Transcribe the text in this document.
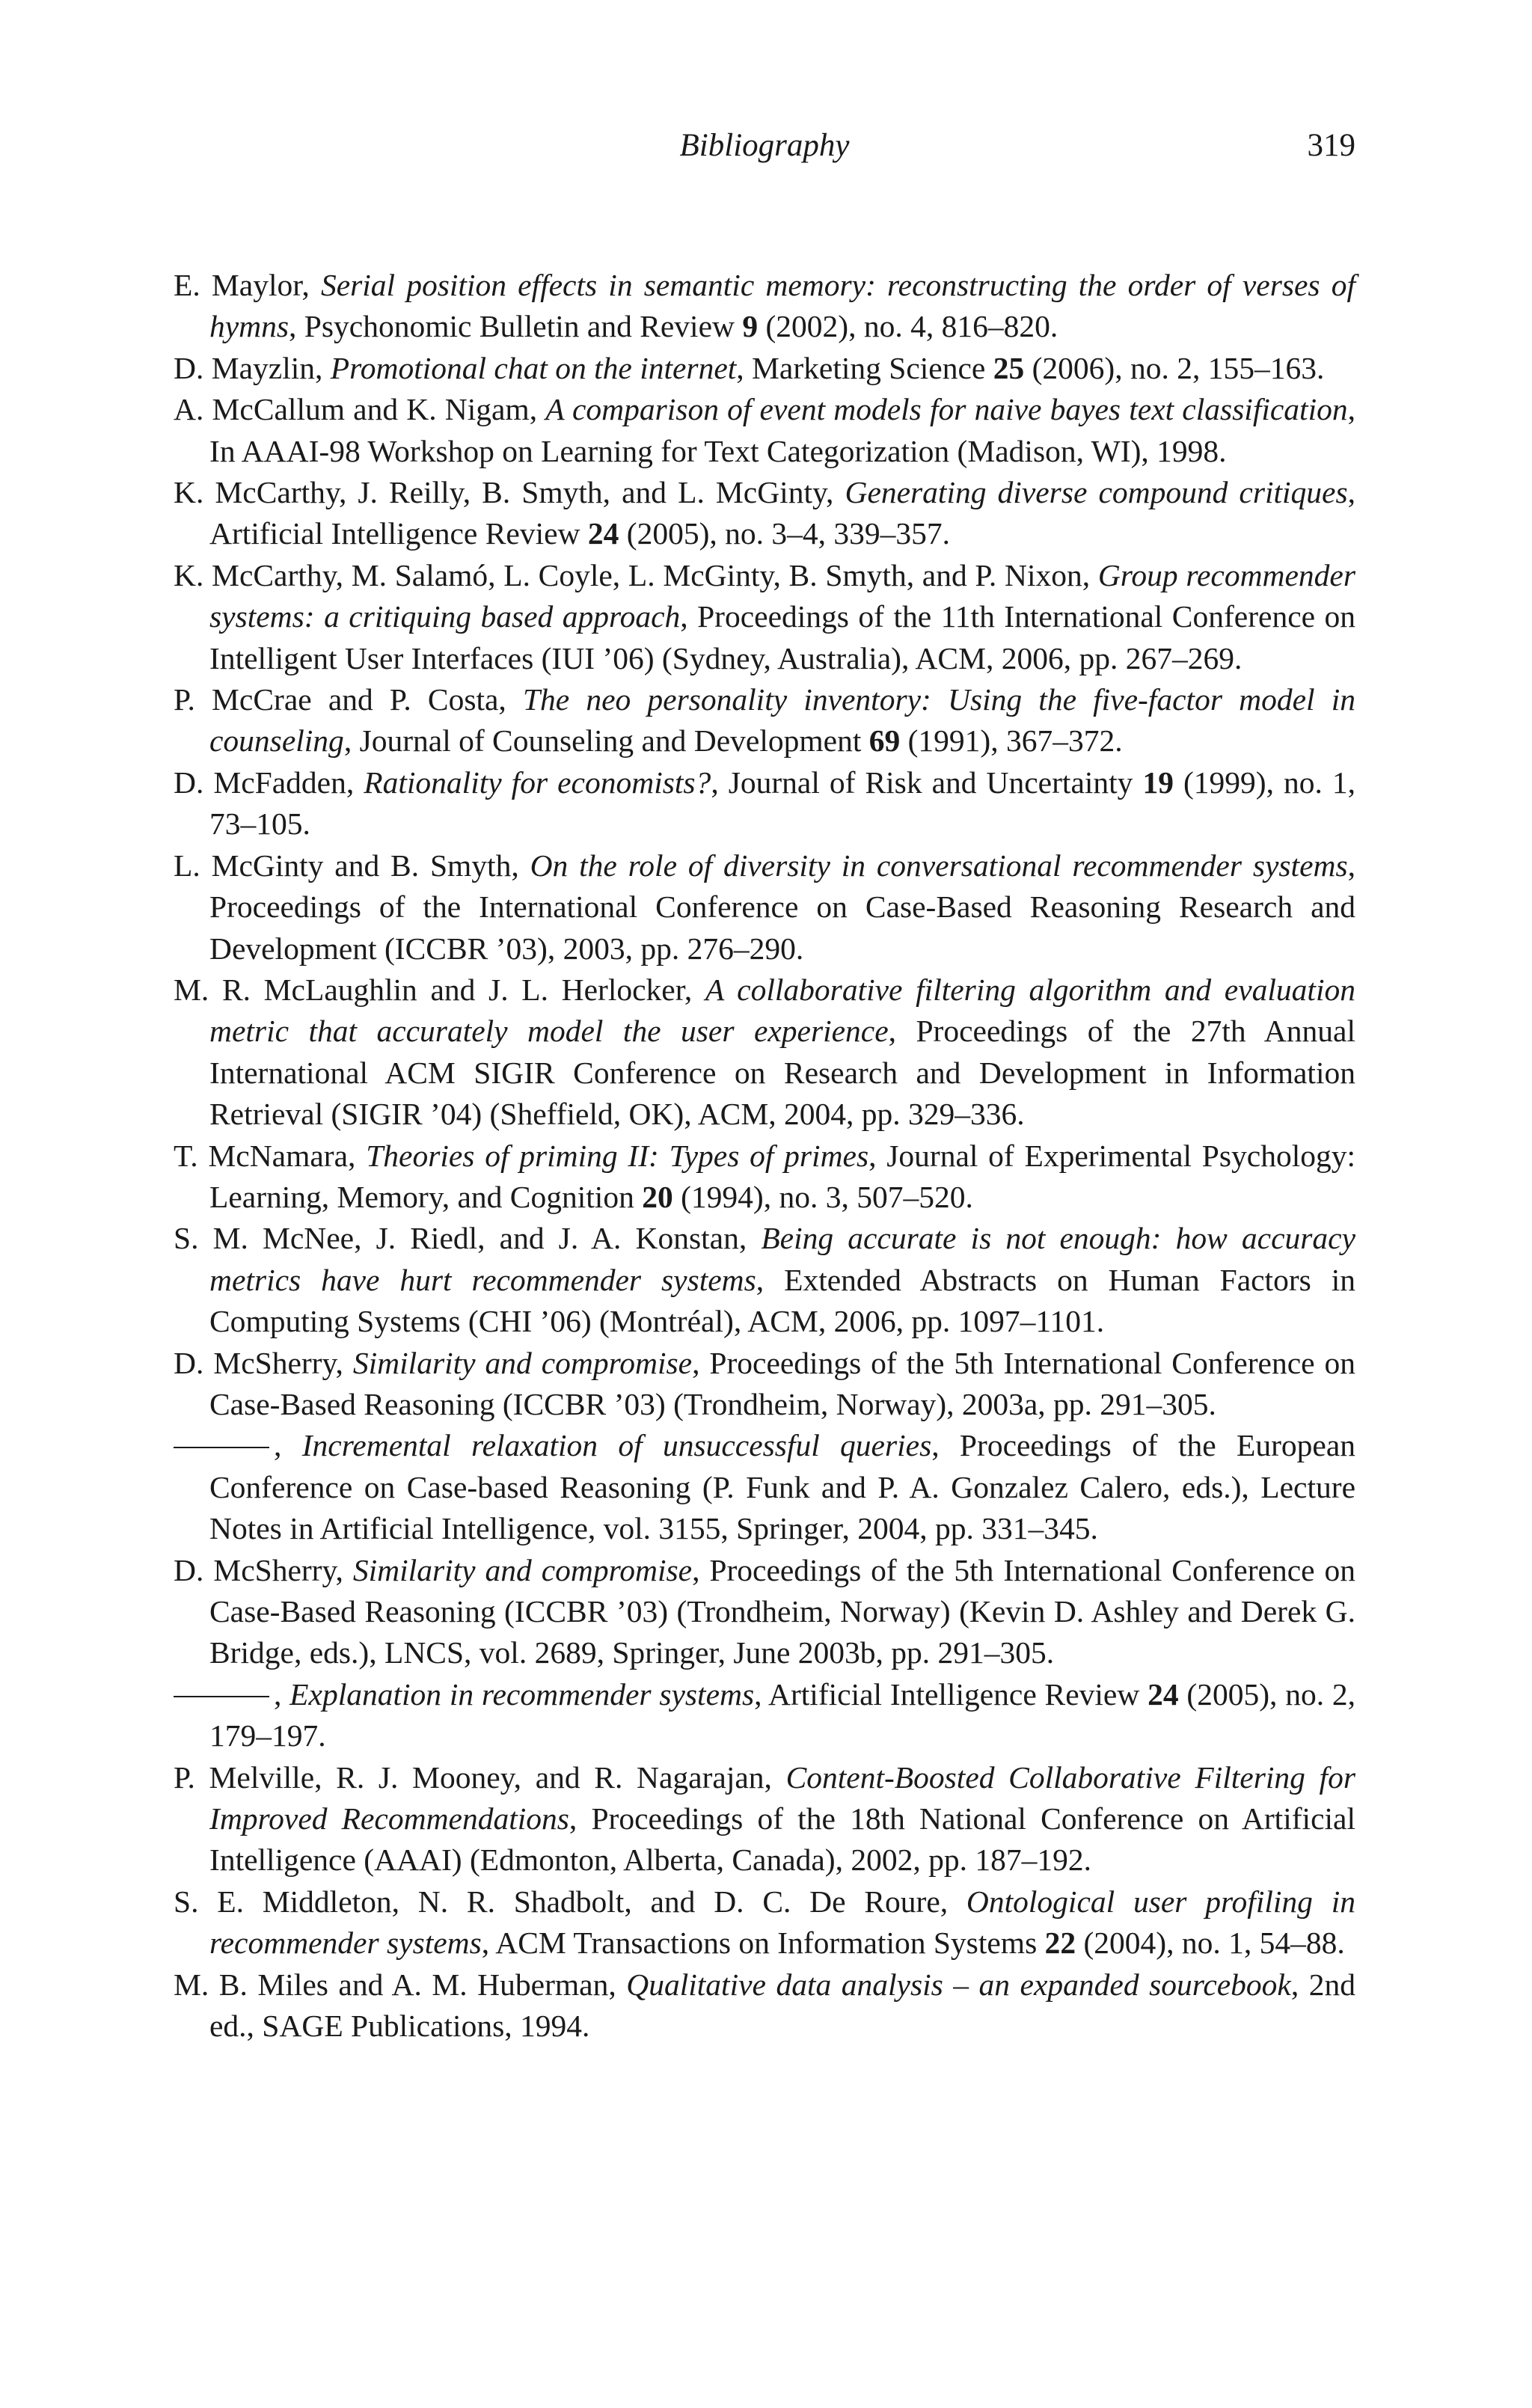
Bibliography	319

E. Maylor, Serial position effects in semantic memory: reconstructing the order of verses of hymns, Psychonomic Bulletin and Review 9 (2002), no. 4, 816–820.

D. Mayzlin, Promotional chat on the internet, Marketing Science 25 (2006), no. 2, 155–163.

A. McCallum and K. Nigam, A comparison of event models for naive bayes text classification, In AAAI-98 Workshop on Learning for Text Categorization (Madison, WI), 1998.

K. McCarthy, J. Reilly, B. Smyth, and L. McGinty, Generating diverse compound critiques, Artificial Intelligence Review 24 (2005), no. 3–4, 339–357.

K. McCarthy, M. Salamó, L. Coyle, L. McGinty, B. Smyth, and P. Nixon, Group recommender systems: a critiquing based approach, Proceedings of the 11th International Conference on Intelligent User Interfaces (IUI ’06) (Sydney, Australia), ACM, 2006, pp. 267–269.

P. McCrae and P. Costa, The neo personality inventory: Using the five-factor model in counseling, Journal of Counseling and Development 69 (1991), 367–372.

D. McFadden, Rationality for economists?, Journal of Risk and Uncertainty 19 (1999), no. 1, 73–105.

L. McGinty and B. Smyth, On the role of diversity in conversational recommender systems, Proceedings of the International Conference on Case-Based Reasoning Research and Development (ICCBR ’03), 2003, pp. 276–290.

M. R. McLaughlin and J. L. Herlocker, A collaborative filtering algorithm and evaluation metric that accurately model the user experience, Proceedings of the 27th Annual International ACM SIGIR Conference on Research and Development in Information Retrieval (SIGIR ’04) (Sheffield, OK), ACM, 2004, pp. 329–336.

T. McNamara, Theories of priming II: Types of primes, Journal of Experimental Psychology: Learning, Memory, and Cognition 20 (1994), no. 3, 507–520.

S. M. McNee, J. Riedl, and J. A. Konstan, Being accurate is not enough: how accuracy metrics have hurt recommender systems, Extended Abstracts on Human Factors in Computing Systems (CHI ’06) (Montréal), ACM, 2006, pp. 1097–1101.

D. McSherry, Similarity and compromise, Proceedings of the 5th International Conference on Case-Based Reasoning (ICCBR ’03) (Trondheim, Norway), 2003a, pp. 291–305.

, Incremental relaxation of unsuccessful queries, Proceedings of the European Conference on Case-based Reasoning (P. Funk and P. A. Gonzalez Calero, eds.), Lecture Notes in Artificial Intelligence, vol. 3155, Springer, 2004, pp. 331–345.

D. McSherry, Similarity and compromise, Proceedings of the 5th International Conference on Case-Based Reasoning (ICCBR ’03) (Trondheim, Norway) (Kevin D. Ashley and Derek G. Bridge, eds.), LNCS, vol. 2689, Springer, June 2003b, pp. 291–305.

, Explanation in recommender systems, Artificial Intelligence Review 24 (2005), no. 2, 179–197.

P. Melville, R. J. Mooney, and R. Nagarajan, Content-Boosted Collaborative Filtering for Improved Recommendations, Proceedings of the 18th National Conference on Artificial Intelligence (AAAI) (Edmonton, Alberta, Canada), 2002, pp. 187–192.

S. E. Middleton, N. R. Shadbolt, and D. C. De Roure, Ontological user profiling in recommender systems, ACM Transactions on Information Systems 22 (2004), no. 1, 54–88.

M. B. Miles and A. M. Huberman, Qualitative data analysis – an expanded sourcebook, 2nd ed., SAGE Publications, 1994.
